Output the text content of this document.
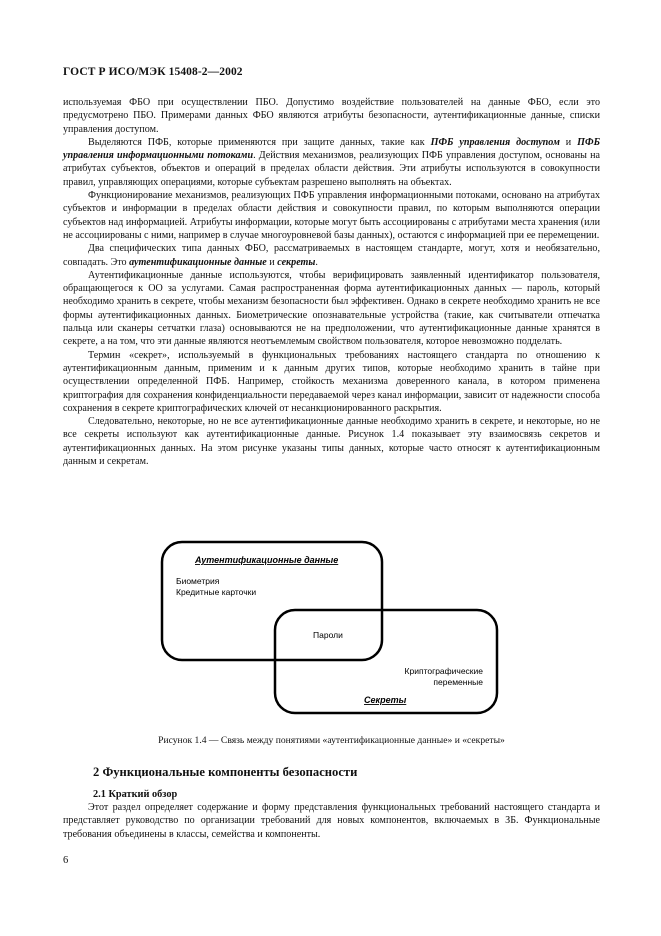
ГОСТ Р ИСО/МЭК 15408-2—2002

используемая ФБО при осуществлении ПБО. Допустимо воздействие пользователей на данные ФБО, если это предусмотрено ПБО. Примерами данных ФБО являются атрибуты безопасности, аутентификационные данные, списки управления доступом.

Выделяются ПФБ, которые применяются при защите данных, такие как ПФБ управления доступом и ПФБ управления информационными потоками. Действия механизмов, реализующих ПФБ управления доступом, основаны на атрибутах субъектов, объектов и операций в пределах области действия. Эти атрибуты используются в совокупности правил, управляющих операциями, которые субъектам разрешено выполнять на объектах.

Функционирование механизмов, реализующих ПФБ управления информационными потоками, основано на атрибутах субъектов и информации в пределах области действия и совокупности правил, по которым выполняются операции субъектов над информацией. Атрибуты информации, которые могут быть ассоциированы с атрибутами места хранения (или не ассоциированы с ними, например в случае многоуровневой базы данных), остаются с информацией при ее перемещении.

Два специфических типа данных ФБО, рассматриваемых в настоящем стандарте, могут, хотя и необязательно, совпадать. Это аутентификационные данные и секреты.

Аутентификационные данные используются, чтобы верифицировать заявленный идентификатор пользователя, обращающегося к ОО за услугами. Самая распространенная форма аутентификационных данных — пароль, который необходимо хранить в секрете, чтобы механизм безопасности был эффективен. Однако в секрете необходимо хранить не все формы аутентификационных данных. Биометрические опознавательные устройства (такие, как считыватели отпечатка пальца или сканеры сетчатки глаза) основываются не на предположении, что аутентификационные данные хранятся в секрете, а на том, что эти данные являются неотъемлемым свойством пользователя, которое невозможно подделать.

Термин «секрет», используемый в функциональных требованиях настоящего стандарта по отношению к аутентификационным данным, применим и к данным других типов, которые необходимо хранить в тайне при осуществлении определенной ПФБ. Например, стойкость механизма доверенного канала, в котором применена криптография для сохранения конфиденциальности передаваемой через канал информации, зависит от надежности способа сохранения в секрете криптографических ключей от несанкционированного раскрытия.

Следовательно, некоторые, но не все аутентификационные данные необходимо хранить в секрете, и некоторые, но не все секреты используют как аутентификационные данные. Рисунок 1.4 показывает эту взаимосвязь секретов и аутентификационных данных. На этом рисунке указаны типы данных, которые часто относят к аутентификационным данным и секретам.

Аутентификационные данные
Биометрия
Кредитные карточки
Пароли
Криптографические
переменные
Секреты
Рисунок 1.4 — Связь между понятиями «аутентификационные данные» и «секреты»
2 Функциональные компоненты безопасности
2.1 Краткий обзор

Этот раздел определяет содержание и форму представления функциональных требований настоящего стандарта и представляет руководство по организации требований для новых компонентов, включаемых в ЗБ. Функциональные требования объединены в классы, семейства и компоненты.

6
